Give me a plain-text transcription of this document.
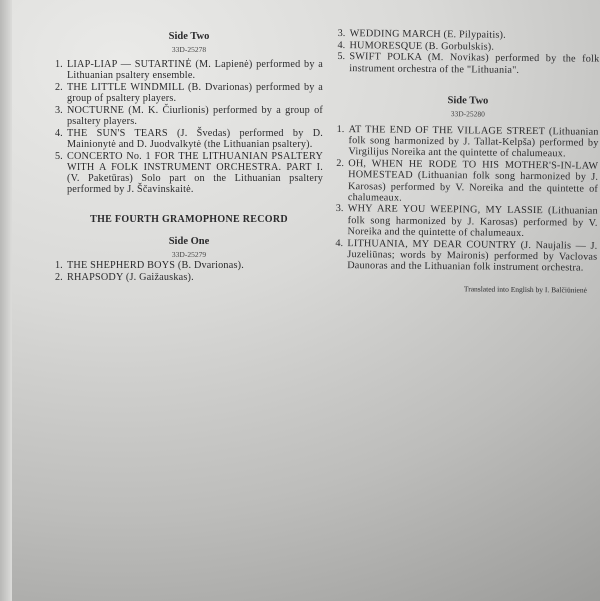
Side Two
33D-25278
1. LIAP-LIAP — SUTARTINĖ (M. Lapienė) performed by a Lithuanian psaltery ensemble.
2. THE LITTLE WINDMILL (B. Dvarionas) performed by a group of psaltery players.
3. NOCTURNE (M. K. Čiurlionis) performed by a group of psaltery players.
4. THE SUN'S TEARS (J. Švedas) performed by D. Mainionytė and D. Juodvalkytė (the Lithuanian psaltery).
5. CONCERTO No. 1 FOR THE LITHUANIAN PSALTERY WITH A FOLK INSTRUMENT ORCHESTRA. PART I. (V. Paketūras) Solo part on the Lithuanian psaltery performed by J. Ščavinskaitė.
THE FOURTH GRAMOPHONE RECORD
Side One
33D-25279
1. THE SHEPHERD BOYS (B. Dvarionas).
2. RHAPSODY (J. Gaižauskas).
3. WEDDING MARCH (E. Pilypaitis).
4. HUMORESQUE (B. Gorbulskis).
5. SWIFT POLKA (M. Novikas) performed by the folk instrument orchestra of the "Lithuania".
Side Two
33D-25280
1. AT THE END OF THE VILLAGE STREET (Lithuanian folk song harmonized by J. Tallat-Kelpša) performed by Virgilijus Noreika ant the quintette of chalumeaux.
2. OH, WHEN HE RODE TO HIS MOTHER'S-IN-LAW HOMESTEAD (Lithuanian folk song harmonized by J. Karosas) performed by V. Noreika and the quintette of chalumeaux.
3. WHY ARE YOU WEEPING, MY LASSIE (Lithuanian folk song harmonized by J. Karosas) performed by V. Noreika and the quintette of chalumeaux.
4. LITHUANIA, MY DEAR COUNTRY (J. Naujalis — J. Juzeliūnas; words by Maironis) performed by Vaclovas Daunoras and the Lithuanian folk instrument orchestra.
Translated into English by I. Balčiūnienė
